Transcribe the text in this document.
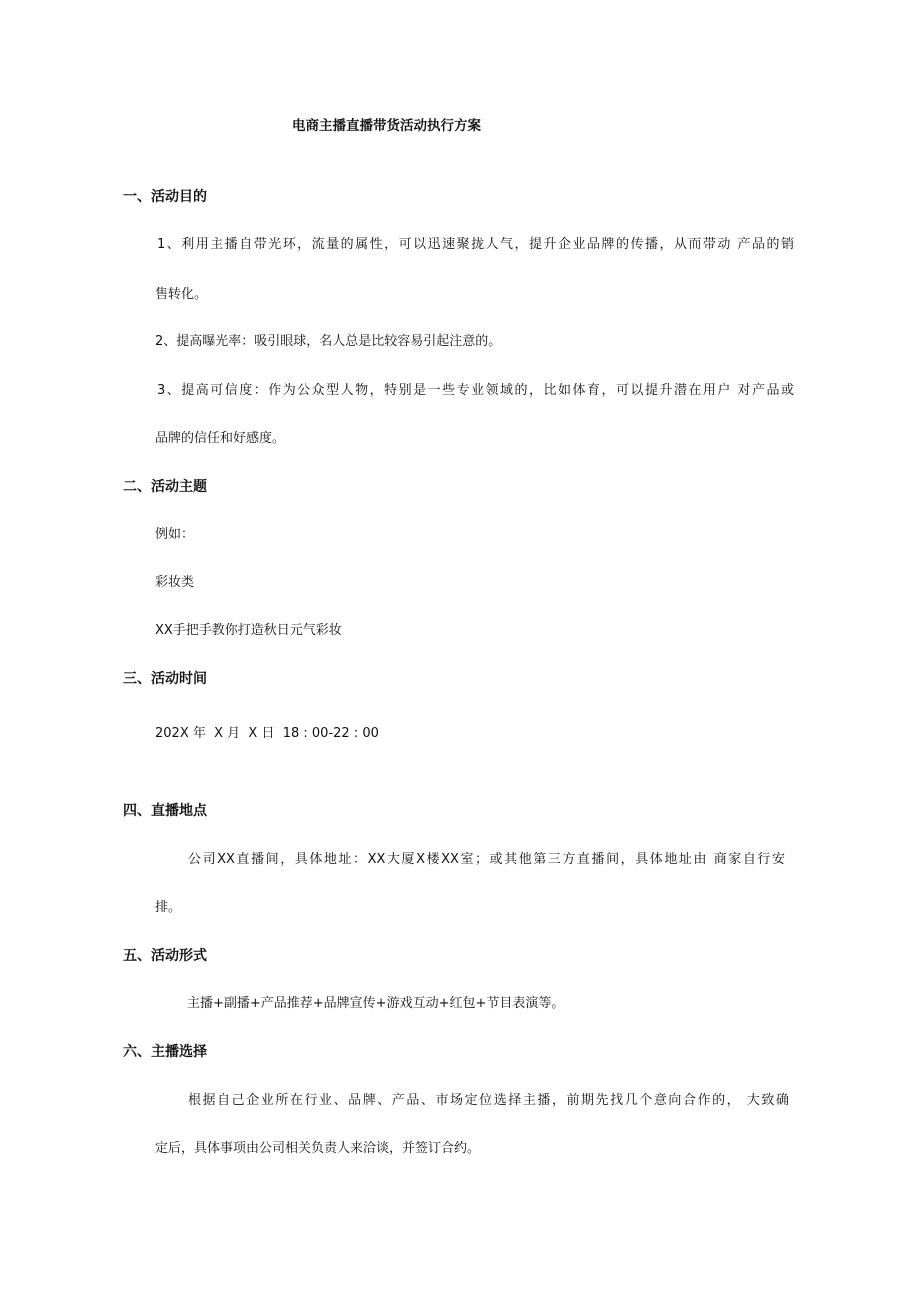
电商主播直播带货活动执行方案
一、活动目的
1、利用主播自带光环，流量的属性，可以迅速聚拢人气，提升企业品牌的传播，从而带动 产品的销
售转化。
2、提高曝光率：吸引眼球，名人总是比较容易引起注意的。
3、提高可信度：作为公众型人物，特别是一些专业领域的，比如体育，可以提升潜在用户 对产品或
品牌的信任和好感度。
二、活动主题
例如：
彩妆类
XX手把手教你打造秋日元气彩妆
三、活动时间
202X 年  X 月  X 日  18 : 00-22 : 00
四、直播地点
公司XX直播间，具体地址：XX大厦X楼XX室；或其他第三方直播间，具体地址由 商家自行安
排。
五、活动形式
主播+副播+产品推荐+品牌宣传+游戏互动+红包+节目表演等。
六、主播选择
根据自己企业所在行业、品牌、产品、市场定位选择主播，前期先找几个意向合作的， 大致确
定后，具体事项由公司相关负责人来洽谈，并签订合约。
